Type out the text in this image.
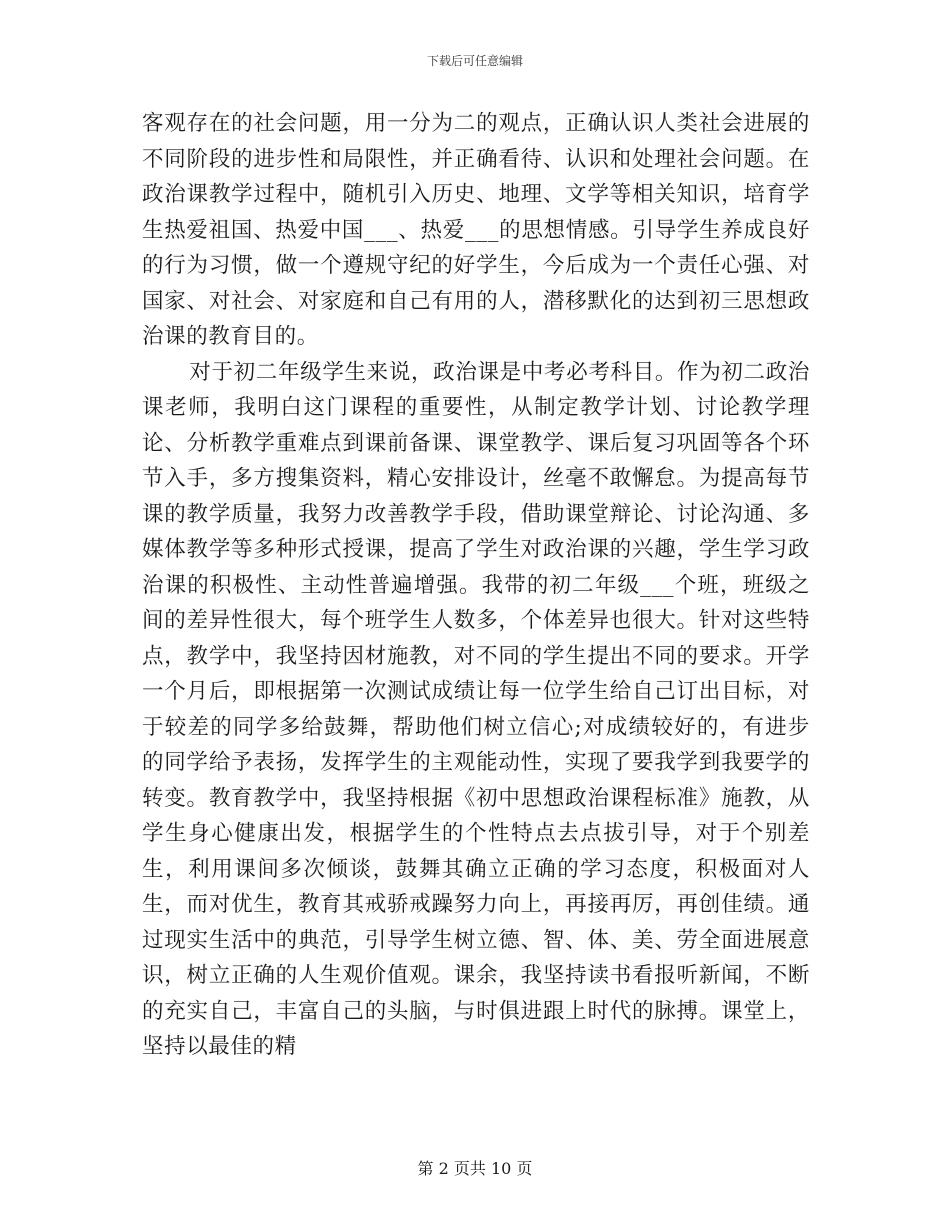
下载后可任意编辑

客观存在的社会问题，用一分为二的观点，正确认识人类社会进展的不同阶段的进步性和局限性，并正确看待、认识和处理社会问题。在政治课教学过程中，随机引入历史、地理、文学等相关知识，培育学生热爱祖国、热爱中国___、热爱___的思想情感。引导学生养成良好的行为习惯，做一个遵规守纪的好学生，今后成为一个责任心强、对国家、对社会、对家庭和自己有用的人，潜移默化的达到初三思想政治课的教育目的。

对于初二年级学生来说，政治课是中考必考科目。作为初二政治课老师，我明白这门课程的重要性，从制定教学计划、讨论教学理论、分析教学重难点到课前备课、课堂教学、课后复习巩固等各个环节入手，多方搜集资料，精心安排设计，丝毫不敢懈怠。为提高每节课的教学质量，我努力改善教学手段，借助课堂辩论、讨论沟通、多媒体教学等多种形式授课，提高了学生对政治课的兴趣，学生学习政治课的积极性、主动性普遍增强。我带的初二年级___个班，班级之间的差异性很大，每个班学生人数多，个体差异也很大。针对这些特点，教学中，我坚持因材施教，对不同的学生提出不同的要求。开学一个月后，即根据第一次测试成绩让每一位学生给自己订出目标，对于较差的同学多给鼓舞，帮助他们树立信心;对成绩较好的，有进步的同学给予表扬，发挥学生的主观能动性，实现了要我学到我要学的转变。教育教学中，我坚持根据《初中思想政治课程标准》施教，从学生身心健康出发，根据学生的个性特点去点拔引导，对于个别差生，利用课间多次倾谈，鼓舞其确立正确的学习态度，积极面对人生，而对优生，教育其戒骄戒躁努力向上，再接再厉，再创佳绩。通过现实生活中的典范，引导学生树立德、智、体、美、劳全面进展意识，树立正确的人生观价值观。课余，我坚持读书看报听新闻，不断的充实自己，丰富自己的头脑，与时俱进跟上时代的脉搏。课堂上，坚持以最佳的精

第 2 页共 10 页
